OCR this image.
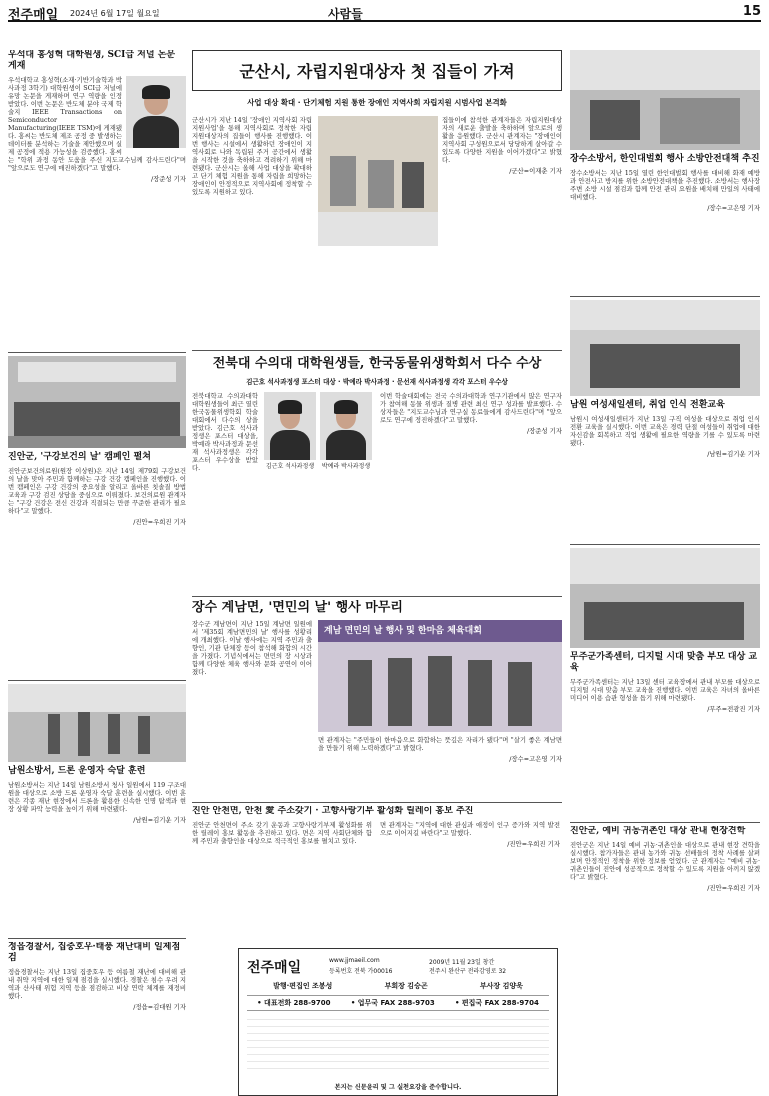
전주매일 2024년 6월 17일 월요일	사람들	15
우석대 홍성혁 대학원생, SCI급 저널 논문 게재
우석대학교 홍성혁(소재·기반기술학과 박사과정 3학기) 대학원생이 SCI급 저널에 유망 논문을 게재하며 연구 역량을 인정받았다. 이번 논문은 반도체 분야 국제 학술지 IEEE Transactions on Semiconductor Manufacturing(IEEE TSM)에 게재됐다. 홍씨는 반도체 제조 공정 중 발생하는 데이터를 분석하는 기술을 제안했으며 실제 공정에 적용 가능성을 검증했다. 홍씨는 "학위 과정 동안 도움을 주신 지도교수님께 감사드린다"며 "앞으로도 연구에 매진하겠다"고 말했다.
/장준성 기자
진안군, '구강보건의 날' 캠페인 펼쳐
진안군보건의료원(원장 이상원)은 지난 14일 제79회 구강보건의 날을 맞아 주민과 함께하는 구강 건강 캠페인을 진행했다. 이번 캠페인은 구강 건강의 중요성을 알리고 올바른 칫솔질 방법 교육과 구강 검진 상담을 중심으로 이뤄졌다. 보건의료원 관계자는 "구강 건강은 전신 건강과 직결되는 만큼 꾸준한 관리가 필요하다"고 말했다.
/진안=우희진 기자
남원소방서, 드론 운영자 숙달 훈련
남원소방서는 지난 14일 남원소방서 청사 일원에서 119 구조대원을 대상으로 소방 드론 운영자 숙달 훈련을 실시했다. 이번 훈련은 각종 재난 현장에서 드론을 활용한 신속한 인명 탐색과 현장 상황 파악 능력을 높이기 위해 마련됐다.
/남원=김기운 기자
정읍경찰서, 집중호우·태풍 재난대비 일제점검
정읍경찰서는 지난 13일 집중호우 등 여름철 재난에 대비해 관내 취약 지역에 대한 일제 점검을 실시했다. 경찰은 침수 우려 지역과 산사태 위험 지역 등을 점검하고 비상 연락 체계를 재정비했다.
/정읍=김대원 기자
군산시, 자립지원대상자 첫 집들이 가져
사업 대상 확대 · 단기체험 지원 통한 장애인 지역사회 자립지원 시범사업 본격화
군산시가 지난 14일 '장애인 지역사회 자립 지원사업'을 통해 지역사회로 정착한 자립지원대상자의 집들이 행사를 진행했다. 이번 행사는 시설에서 생활하던 장애인이 지역사회로 나와 독립된 주거 공간에서 생활을 시작한 것을 축하하고 격려하기 위해 마련됐다. 군산시는 올해 사업 대상을 확대하고 단기 체험 지원을 통해 자립을 희망하는 장애인이 안정적으로 지역사회에 정착할 수 있도록 지원하고 있다.
집들이에 참석한 관계자들은 자립지원대상자의 새로운 출발을 축하하며 앞으로의 생활을 응원했다. 군산시 관계자는 "장애인이 지역사회 구성원으로서 당당하게 살아갈 수 있도록 다양한 지원을 이어가겠다"고 밝혔다.
/군산=이재춘 기자
전북대 수의대 대학원생들, 한국동물위생학회서 다수 수상
김근호 석사과정생 포스터 대상 · 박예라 박사과정 · 문선재 석사과정생 각각 포스터 우수상
전북대학교 수의과대학 대학원생들이 최근 열린 한국동물위생학회 학술대회에서 다수의 상을 받았다. 김근호 석사과정생은 포스터 대상을, 박예라 박사과정과 문선재 석사과정생은 각각 포스터 우수상을 받았다.	김근호 석사과정생	박예라 박사과정생
이번 학술대회에는 전국 수의과대학과 연구기관에서 많은 연구자가 참여해 동물 위생과 질병 관련 최신 연구 성과를 발표했다. 수상자들은 "지도교수님과 연구실 동료들에게 감사드린다"며 "앞으로도 연구에 정진하겠다"고 말했다.
/장준성 기자
장수 계남면, '면민의 날' 행사 마무리
장수군 계남면이 지난 15일 계남면 일원에서 '제35회 계남면민의 날' 행사를 성황리에 개최했다. 이날 행사에는 지역 주민과 출향인, 기관 단체장 등이 참석해 화합의 시간을 가졌다. 기념식에서는 면민의 장 시상과 함께 다양한 체육 행사와 문화 공연이 이어졌다.
계남 면민의 날 행사 및 한마음 체육대회
면 관계자는 "주민들이 한마음으로 화합하는 뜻깊은 자리가 됐다"며 "살기 좋은 계남면을 만들기 위해 노력하겠다"고 밝혔다.
/장수=고은영 기자
진안 안천면, 안천 愛 주소갖기 · 고향사랑기부 활성화 릴레이 홍보 추진
진안군 안천면이 주소 갖기 운동과 고향사랑기부제 활성화를 위한 릴레이 홍보 활동을 추진하고 있다. 면은 지역 사회단체와 함께 주민과 출향인을 대상으로 적극적인 홍보를 펼치고 있다.
면 관계자는 "지역에 대한 관심과 애정이 인구 증가와 지역 발전으로 이어지길 바란다"고 말했다.
/진안=우희진 기자
전주매일	www.jjmaeil.com
등록번호 전북 가00016
2009년 11월 23일 창간
전주시 완산구 전라감영로 32
발행·편집인 조봉성	부회장 김승곤	부사장 김양욱
• 대표전화 288-9700	• 업무국 FAX 288-9703	• 편집국 FAX 288-9704
본지는 신문윤리 및 그 실천요강을 준수합니다.
장수소방서, 한인대벌회 행사 소방안전대책 추진
장수소방서는 지난 15일 열린 한인대벌회 행사를 대비해 화재 예방과 안전사고 방지를 위한 소방안전대책을 추진했다. 소방서는 행사장 주변 소방 시설 점검과 함께 안전 관리 요원을 배치해 만일의 사태에 대비했다.
/장수=고은영 기자
남원 여성새일센터, 취업 인식 전환교육
남원시 여성새일센터가 지난 13일 구직 여성을 대상으로 취업 인식 전환 교육을 실시했다. 이번 교육은 경력 단절 여성들이 취업에 대한 자신감을 회복하고 직업 생활에 필요한 역량을 기를 수 있도록 마련됐다.
/남원=김기운 기자
무주군가족센터, 디지털 시대 맞춤 부모 대상 교육
무주군가족센터는 지난 13일 센터 교육장에서 관내 부모를 대상으로 디지털 시대 맞춤 부모 교육을 진행했다. 이번 교육은 자녀의 올바른 미디어 이용 습관 형성을 돕기 위해 마련됐다.
/무주=전광진 기자
진안군, 예비 귀농귀촌인 대상 관내 현장견학
진안군은 지난 14일 예비 귀농·귀촌인을 대상으로 관내 현장 견학을 실시했다. 참가자들은 관내 농가와 귀농 선배들의 정착 사례를 살펴보며 안정적인 정착을 위한 정보를 얻었다. 군 관계자는 "예비 귀농·귀촌인들이 진안에 성공적으로 정착할 수 있도록 지원을 아끼지 않겠다"고 밝혔다.
/진안=우희진 기자
